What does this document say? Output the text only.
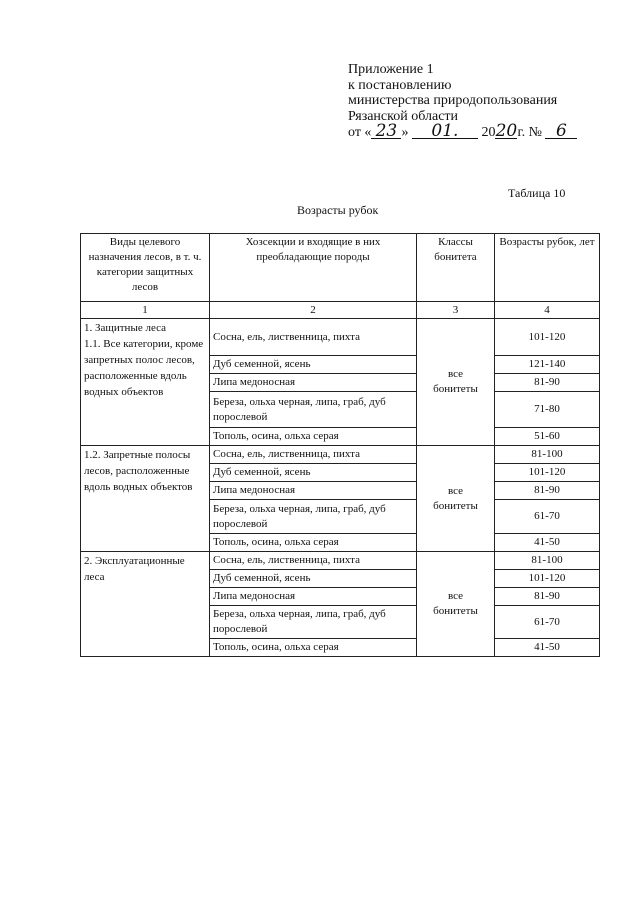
Приложение 1
к постановлению
министерства природопользования
Рязанской области
от « 23 » 01. 2020г. № 6
Таблица 10
Возрасты рубок
Виды целевого назначения лесов, в т. ч. категории защитных лесов	Хозсекции и входящие в них преобладающие породы	Классы бонитета	Возрасты рубок, лет
1	2	3	4
1. Защитные леса
1.1. Все категории, кроме запретных полос лесов, расположенные вдоль водных объектов	Сосна, ель, лиственница, пихта	все бонитеты	101-120
	Дуб семенной, ясень		121-140
	Липа медоносная		81-90
	Береза, ольха черная, липа, граб, дуб порослевой		71-80
	Тополь, осина, ольха серая		51-60
1.2. Запретные полосы лесов, расположенные вдоль водных объектов	Сосна, ель, лиственница, пихта	все бонитеты	81-100
	Дуб семенной, ясень		101-120
	Липа медоносная		81-90
	Береза, ольха черная, липа, граб, дуб порослевой		61-70
	Тополь, осина, ольха серая		41-50
2. Эксплуатационные леса	Сосна, ель, лиственница, пихта	все бонитеты	81-100
	Дуб семенной, ясень		101-120
	Липа медоносная		81-90
	Береза, ольха черная, липа, граб, дуб порослевой		61-70
	Тополь, осина, ольха серая		41-50
